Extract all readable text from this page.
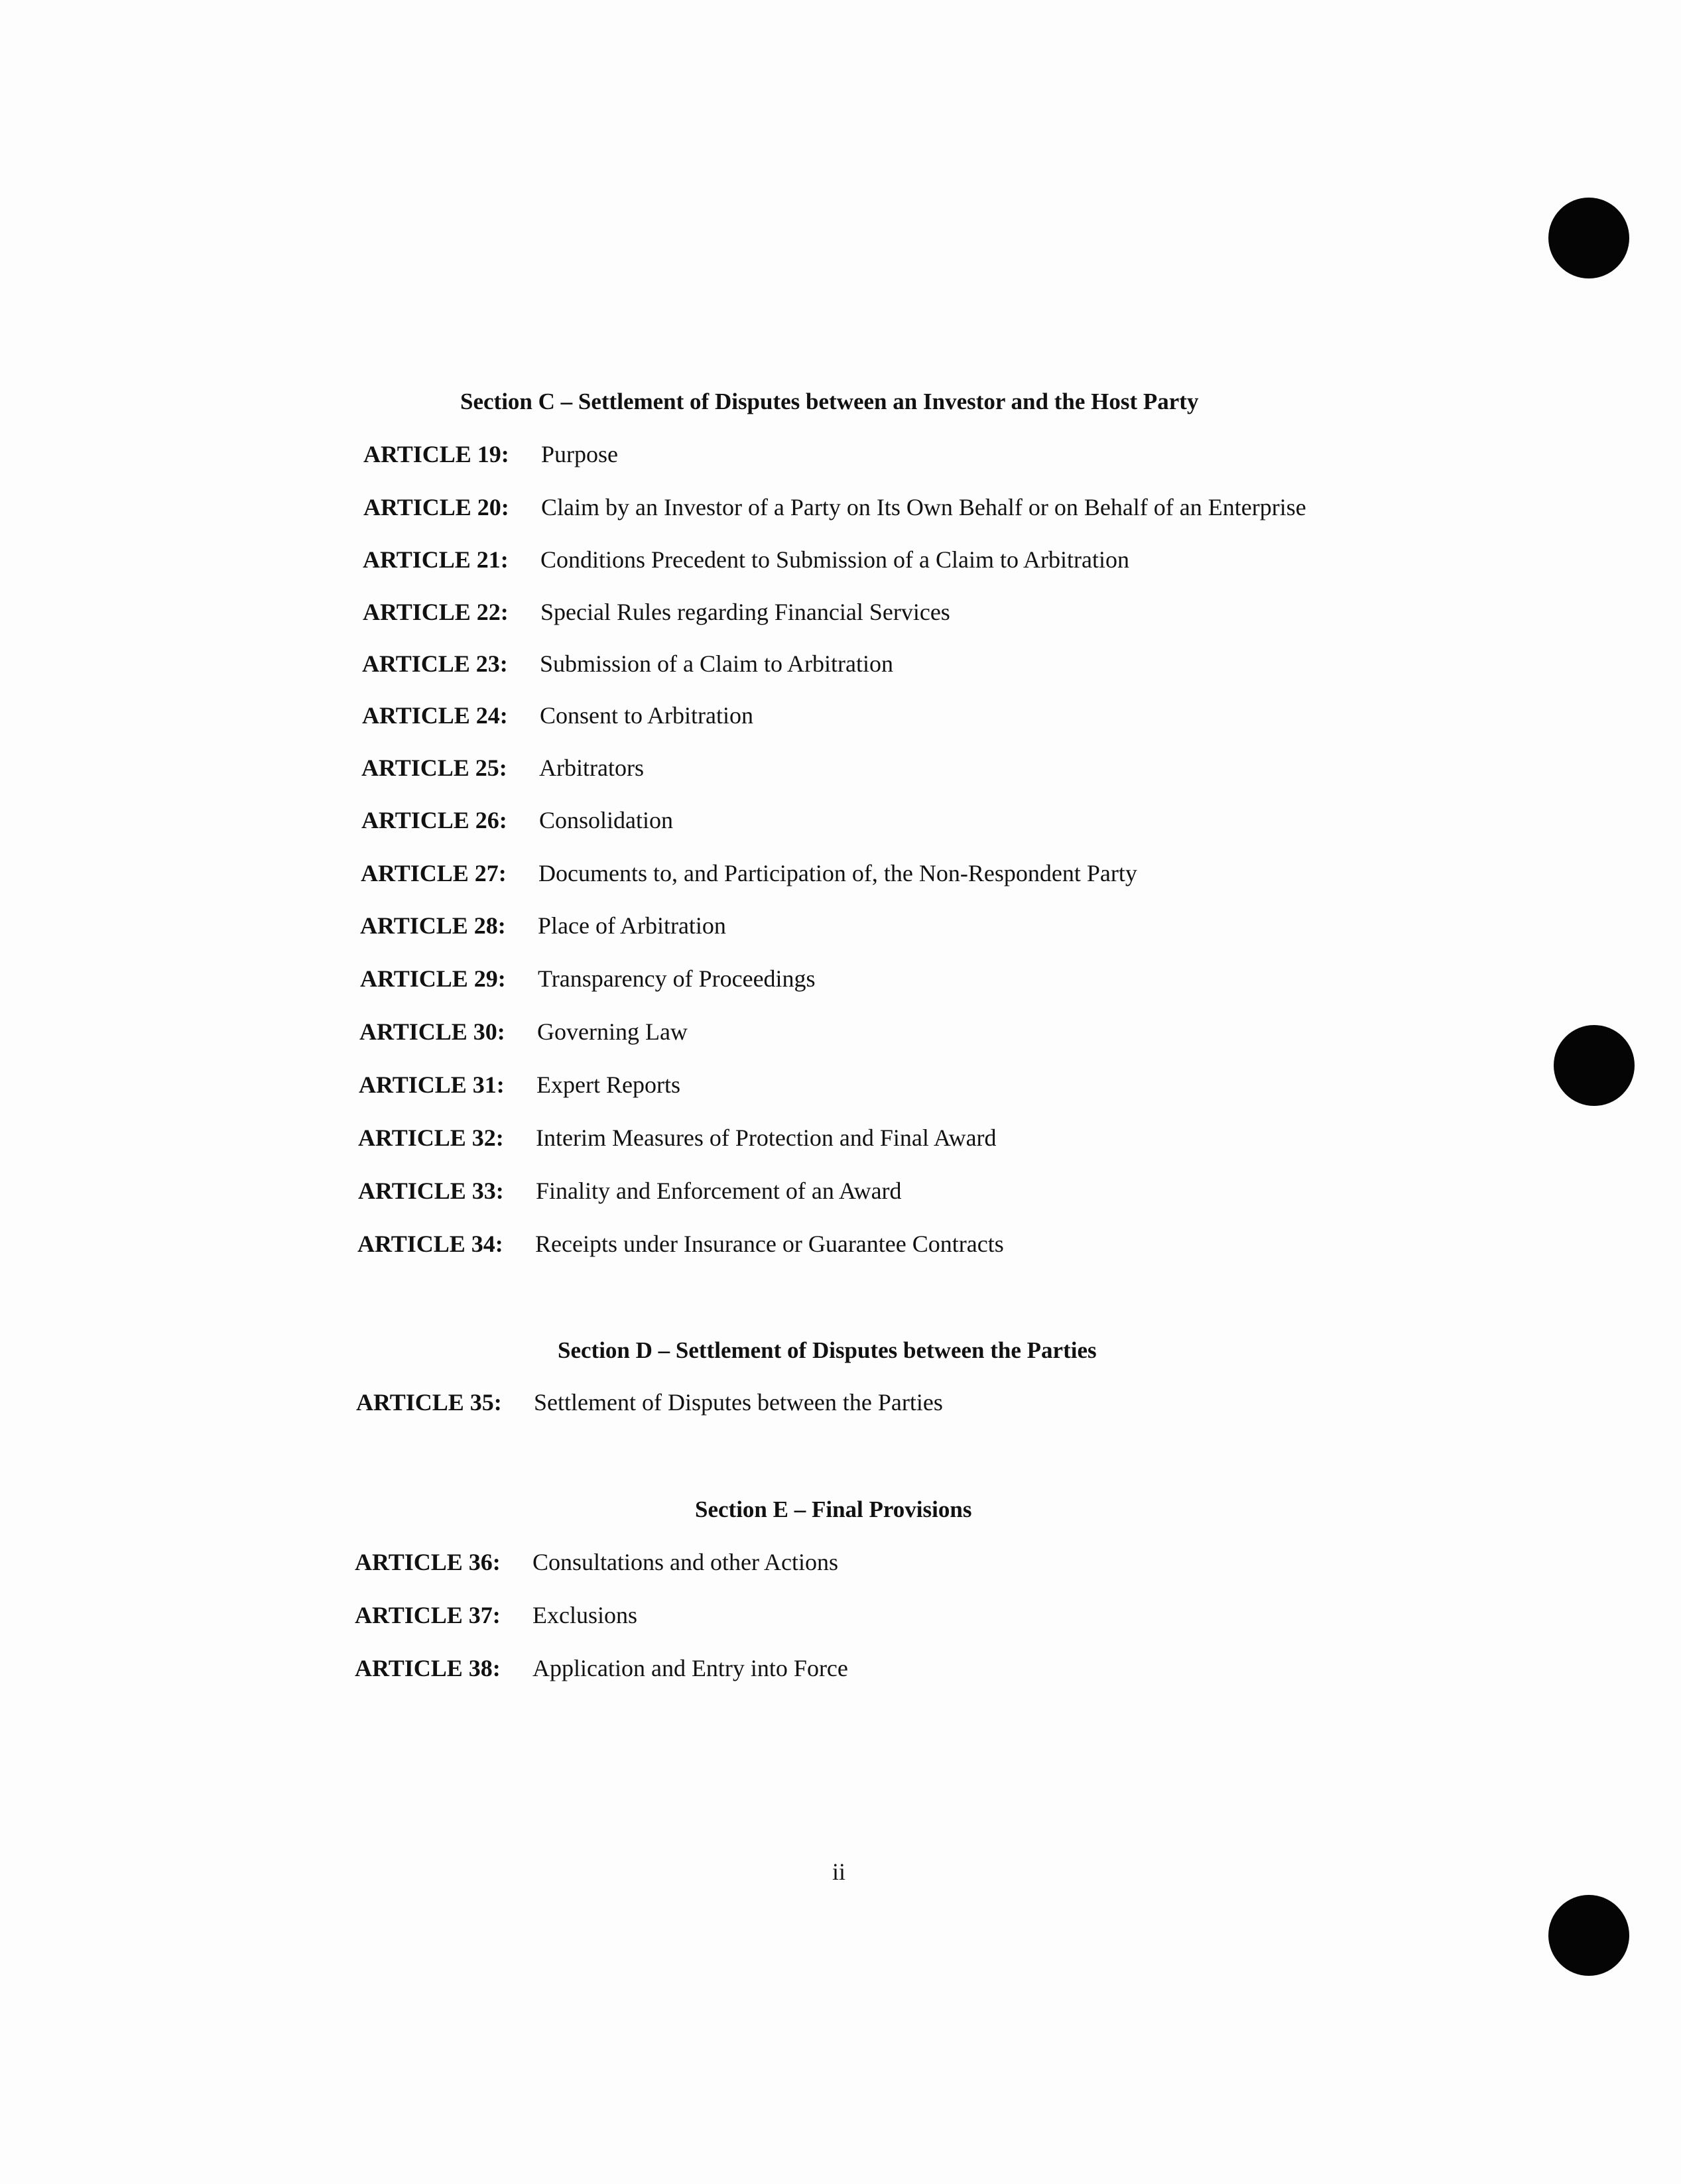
Section C – Settlement of Disputes between an Investor and the Host Party
ARTICLE 19: Purpose
ARTICLE 20: Claim by an Investor of a Party on Its Own Behalf or on Behalf of an Enterprise
ARTICLE 21: Conditions Precedent to Submission of a Claim to Arbitration
ARTICLE 22: Special Rules regarding Financial Services
ARTICLE 23: Submission of a Claim to Arbitration
ARTICLE 24: Consent to Arbitration
ARTICLE 25: Arbitrators
ARTICLE 26: Consolidation
ARTICLE 27: Documents to, and Participation of, the Non-Respondent Party
ARTICLE 28: Place of Arbitration
ARTICLE 29: Transparency of Proceedings
ARTICLE 30: Governing Law
ARTICLE 31: Expert Reports
ARTICLE 32: Interim Measures of Protection and Final Award
ARTICLE 33: Finality and Enforcement of an Award
ARTICLE 34: Receipts under Insurance or Guarantee Contracts
Section D – Settlement of Disputes between the Parties
ARTICLE 35: Settlement of Disputes between the Parties
Section E – Final Provisions
ARTICLE 36: Consultations and other Actions
ARTICLE 37: Exclusions
ARTICLE 38: Application and Entry into Force
ii
